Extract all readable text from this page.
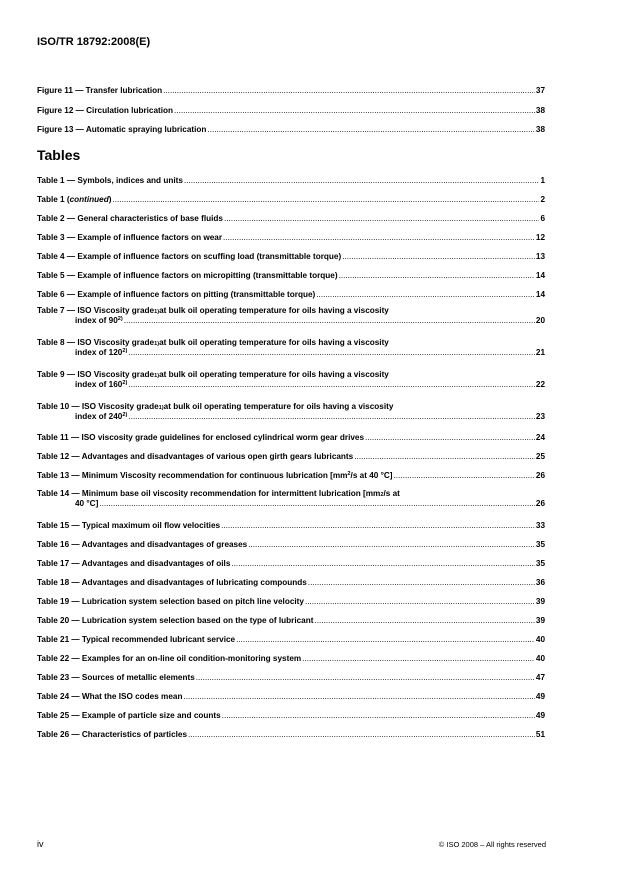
ISO/TR 18792:2008(E)
Figure 11 — Transfer lubrication .....	37
Figure 12 — Circulation lubrication .....	38
Figure 13 — Automatic spraying lubrication .....	38
Tables
Table 1 — Symbols, indices and units .....	1
Table 1 (continued) .....	2
Table 2 — General characteristics of base fluids .....	6
Table 3 — Example of influence factors on wear .....	12
Table 4 — Example of influence factors on scuffing load (transmittable torque) .....	13
Table 5 — Example of influence factors on micropitting (transmittable torque) .....	14
Table 6 — Example of influence factors on pitting (transmittable torque) .....	14
Table 7 — ISO Viscosity grade 1) at bulk oil operating temperature for oils having a viscosity
index of 90$^{2)}$ .....	20
Table 8 — ISO Viscosity grade 1) at bulk oil operating temperature for oils having a viscosity
index of 120$^{2)}$ .....	21
Table 9 — ISO Viscosity grade 1) at bulk oil operating temperature for oils having a viscosity
index of 160$^{2)}$ .....	22
Table 10 — ISO Viscosity grade 1) at bulk oil operating temperature for oils having a viscosity
index of 240$^{2)}$ .....	23
Table 11 — ISO viscosity grade guidelines for enclosed cylindrical worm gear drives .....	24
Table 12 — Advantages and disadvantages of various open girth gears lubricants .....	25
Table 13 — Minimum Viscosity recommendation for continuous lubrication [$mm^2/s$ at 40 °C] .....	26
Table 14 — Minimum base oil viscosity recommendation for intermittent lubrication [mm 2 /s at
40 °C] .....	26
Table 15 — Typical maximum oil flow velocities .....	33
Table 16 — Advantages and disadvantages of greases .....	35
Table 17 — Advantages and disadvantages of oils .....	35
Table 18 — Advantages and disadvantages of lubricating compounds .....	36
Table 19 — Lubrication system selection based on pitch line velocity .....	39
Table 20 — Lubrication system selection based on the type of lubricant .....	39
Table 21 — Typical recommended lubricant service .....	40
Table 22 — Examples for an on-line oil condition-monitoring system .....	40
Table 23 — Sources of metallic elements .....	47
Table 24 — What the ISO codes mean .....	49
Table 25 — Example of particle size and counts .....	49
Table 26 — Characteristics of particles .....	51
iv	© ISO 2008 – All rights reserved
